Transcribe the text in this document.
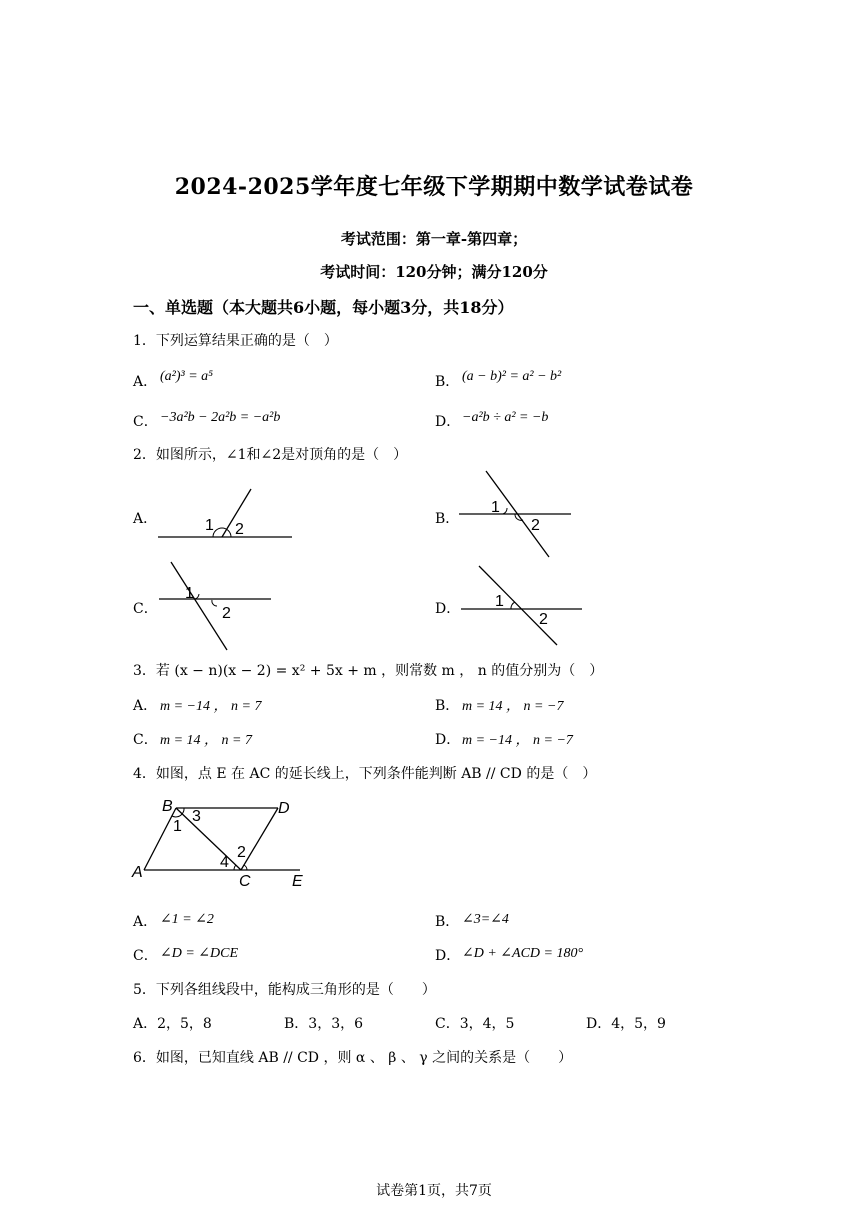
2024-2025学年度七年级下学期期中数学试卷试卷
考试范围：第一章-第四章；
考试时间：120分钟；满分120分
一、单选题（本大题共6小题，每小题3分，共18分）
1．下列运算结果正确的是（　）
A． (a²)³ = a⁵	B． (a − b)² = a² − b²
C． −3a²b − 2a²b = −a²b	D． −a²b ÷ a² = −b
2．如图所示，∠1和∠2是对顶角的是（　）
A．	1 2
B．
1
2
C．
1
2	D． 1
2
3．若 (x − n)(x − 2) = x² + 5x + m ，则常数 m ， n 的值分别为（　）
A． m = −14 ， n = 7	B． m = 14 ， n = −7
C． m = 14 ， n = 7	D． m = −14 ， n = −7
4．如图，点 E 在 AC 的延长线上，下列条件能判断 AB // CD 的是（　）
B	D
A
C	E
1
3
2
4
A． ∠1 = ∠2	B． ∠3=∠4
C． ∠D = ∠DCE	D． ∠D + ∠ACD = 180°
5．下列各组线段中，能构成三角形的是（　　）
A．2，5，8	B．3，3，6	C．3，4，5	D．4，5，9
6．如图，已知直线 AB // CD ，则 α 、 β 、 γ 之间的关系是（　　）
试卷第1页，共7页
